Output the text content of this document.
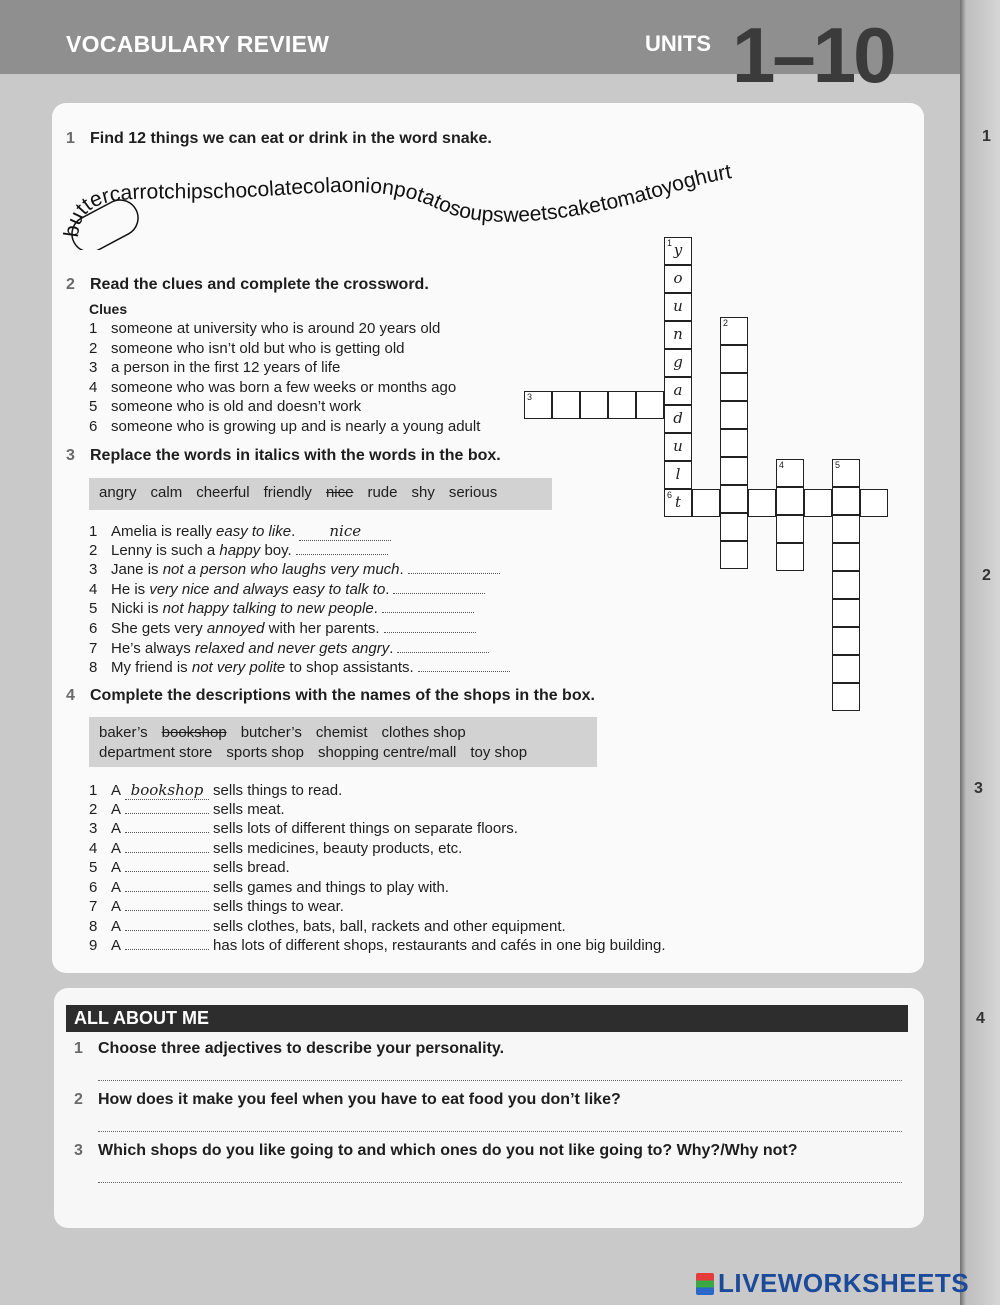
VOCABULARY REVIEW	UNITS 1–10
1
2
3
4
1 Find 12 things we can eat or drink in the word snake.
buttercarrotchipschocolatecolaonionpotatosoupsweetscaketomatoyoghurt
2 Read the clues and complete the crossword.
Clues
1 someone at university who is around 20 years old
2 someone who isn’t old but who is getting old
3 a person in the first 12 years of life
4 someone who was born a few weeks or months ago
5 someone who is old and doesn’t work
6 someone who is growing up and is nearly a young adult
1 y
o
u
n
g
a
d
u
l
6 t
3
2
4	5
3 Replace the words in italics with the words in the box.
angry calm cheerful friendly nice rude shy serious
1 Amelia is really easy to like. nice
2 Lenny is such a happy boy.
3 Jane is not a person who laughs very much.
4 He is very nice and always easy to talk to.
5 Nicki is not happy talking to new people.
6 She gets very annoyed with her parents.
7 He’s always relaxed and never gets angry.
8 My friend is not very polite to shop assistants.
4 Complete the descriptions with the names of the shops in the box.
baker’s bookshop butcher’s chemist clothes shop
department store sports shop shopping centre/mall toy shop
1 A bookshop sells things to read.
2 A	sells meat.
3 A	sells lots of different things on separate floors.
4 A	sells medicines, beauty products, etc.
5 A	sells bread.
6 A	sells games and things to play with.
7 A	sells things to wear.
8 A	sells clothes, bats, ball, rackets and other equipment.
9 A	has lots of different shops, restaurants and cafés in one big building.
ALL ABOUT ME
1 Choose three adjectives to describe your personality.
2 How does it make you feel when you have to eat food you don’t like?
3 Which shops do you like going to and which ones do you not like going to? Why?/Why not?
LIVEWORKSHEETS
